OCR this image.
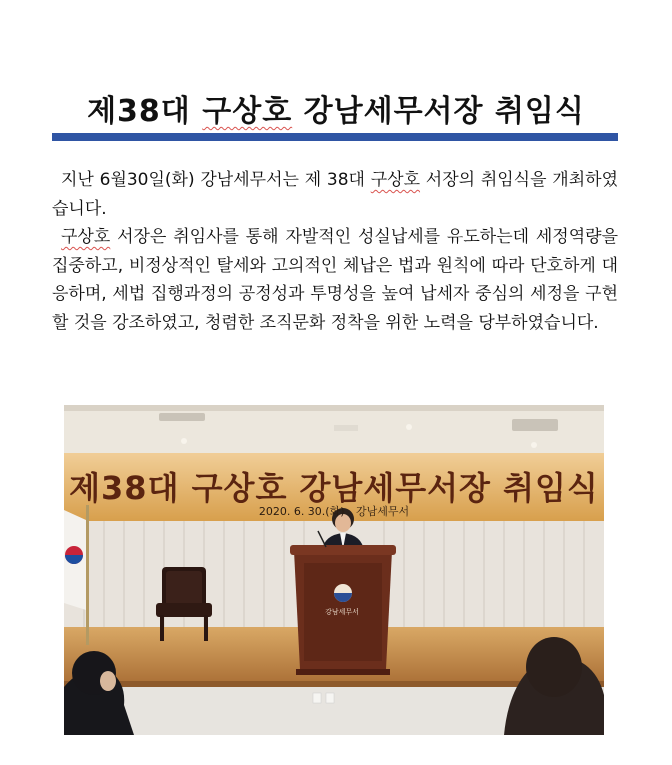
제38대 구상호 강남세무서장 취임식

지난 6월30일(화) 강남세무서는 제 38대 구상호 서장의 취임식을 개최하였습니다.

구상호 서장은 취임사를 통해 자발적인 성실납세를 유도하는데 세정역량을 집중하고, 비정상적인 탈세와 고의적인 체납은 법과 원칙에 따라 단호하게 대응하며, 세법 집행과정의 공정성과 투명성을 높여 납세자 중심의 세정을 구현할 것을 강조하였고, 청렴한 조직문화 정착을 위한 노력을 당부하였습니다.

제38대 구상호 강남세무서장 취임식
2020. 6. 30.(화) 강남세무서
강남세무서
